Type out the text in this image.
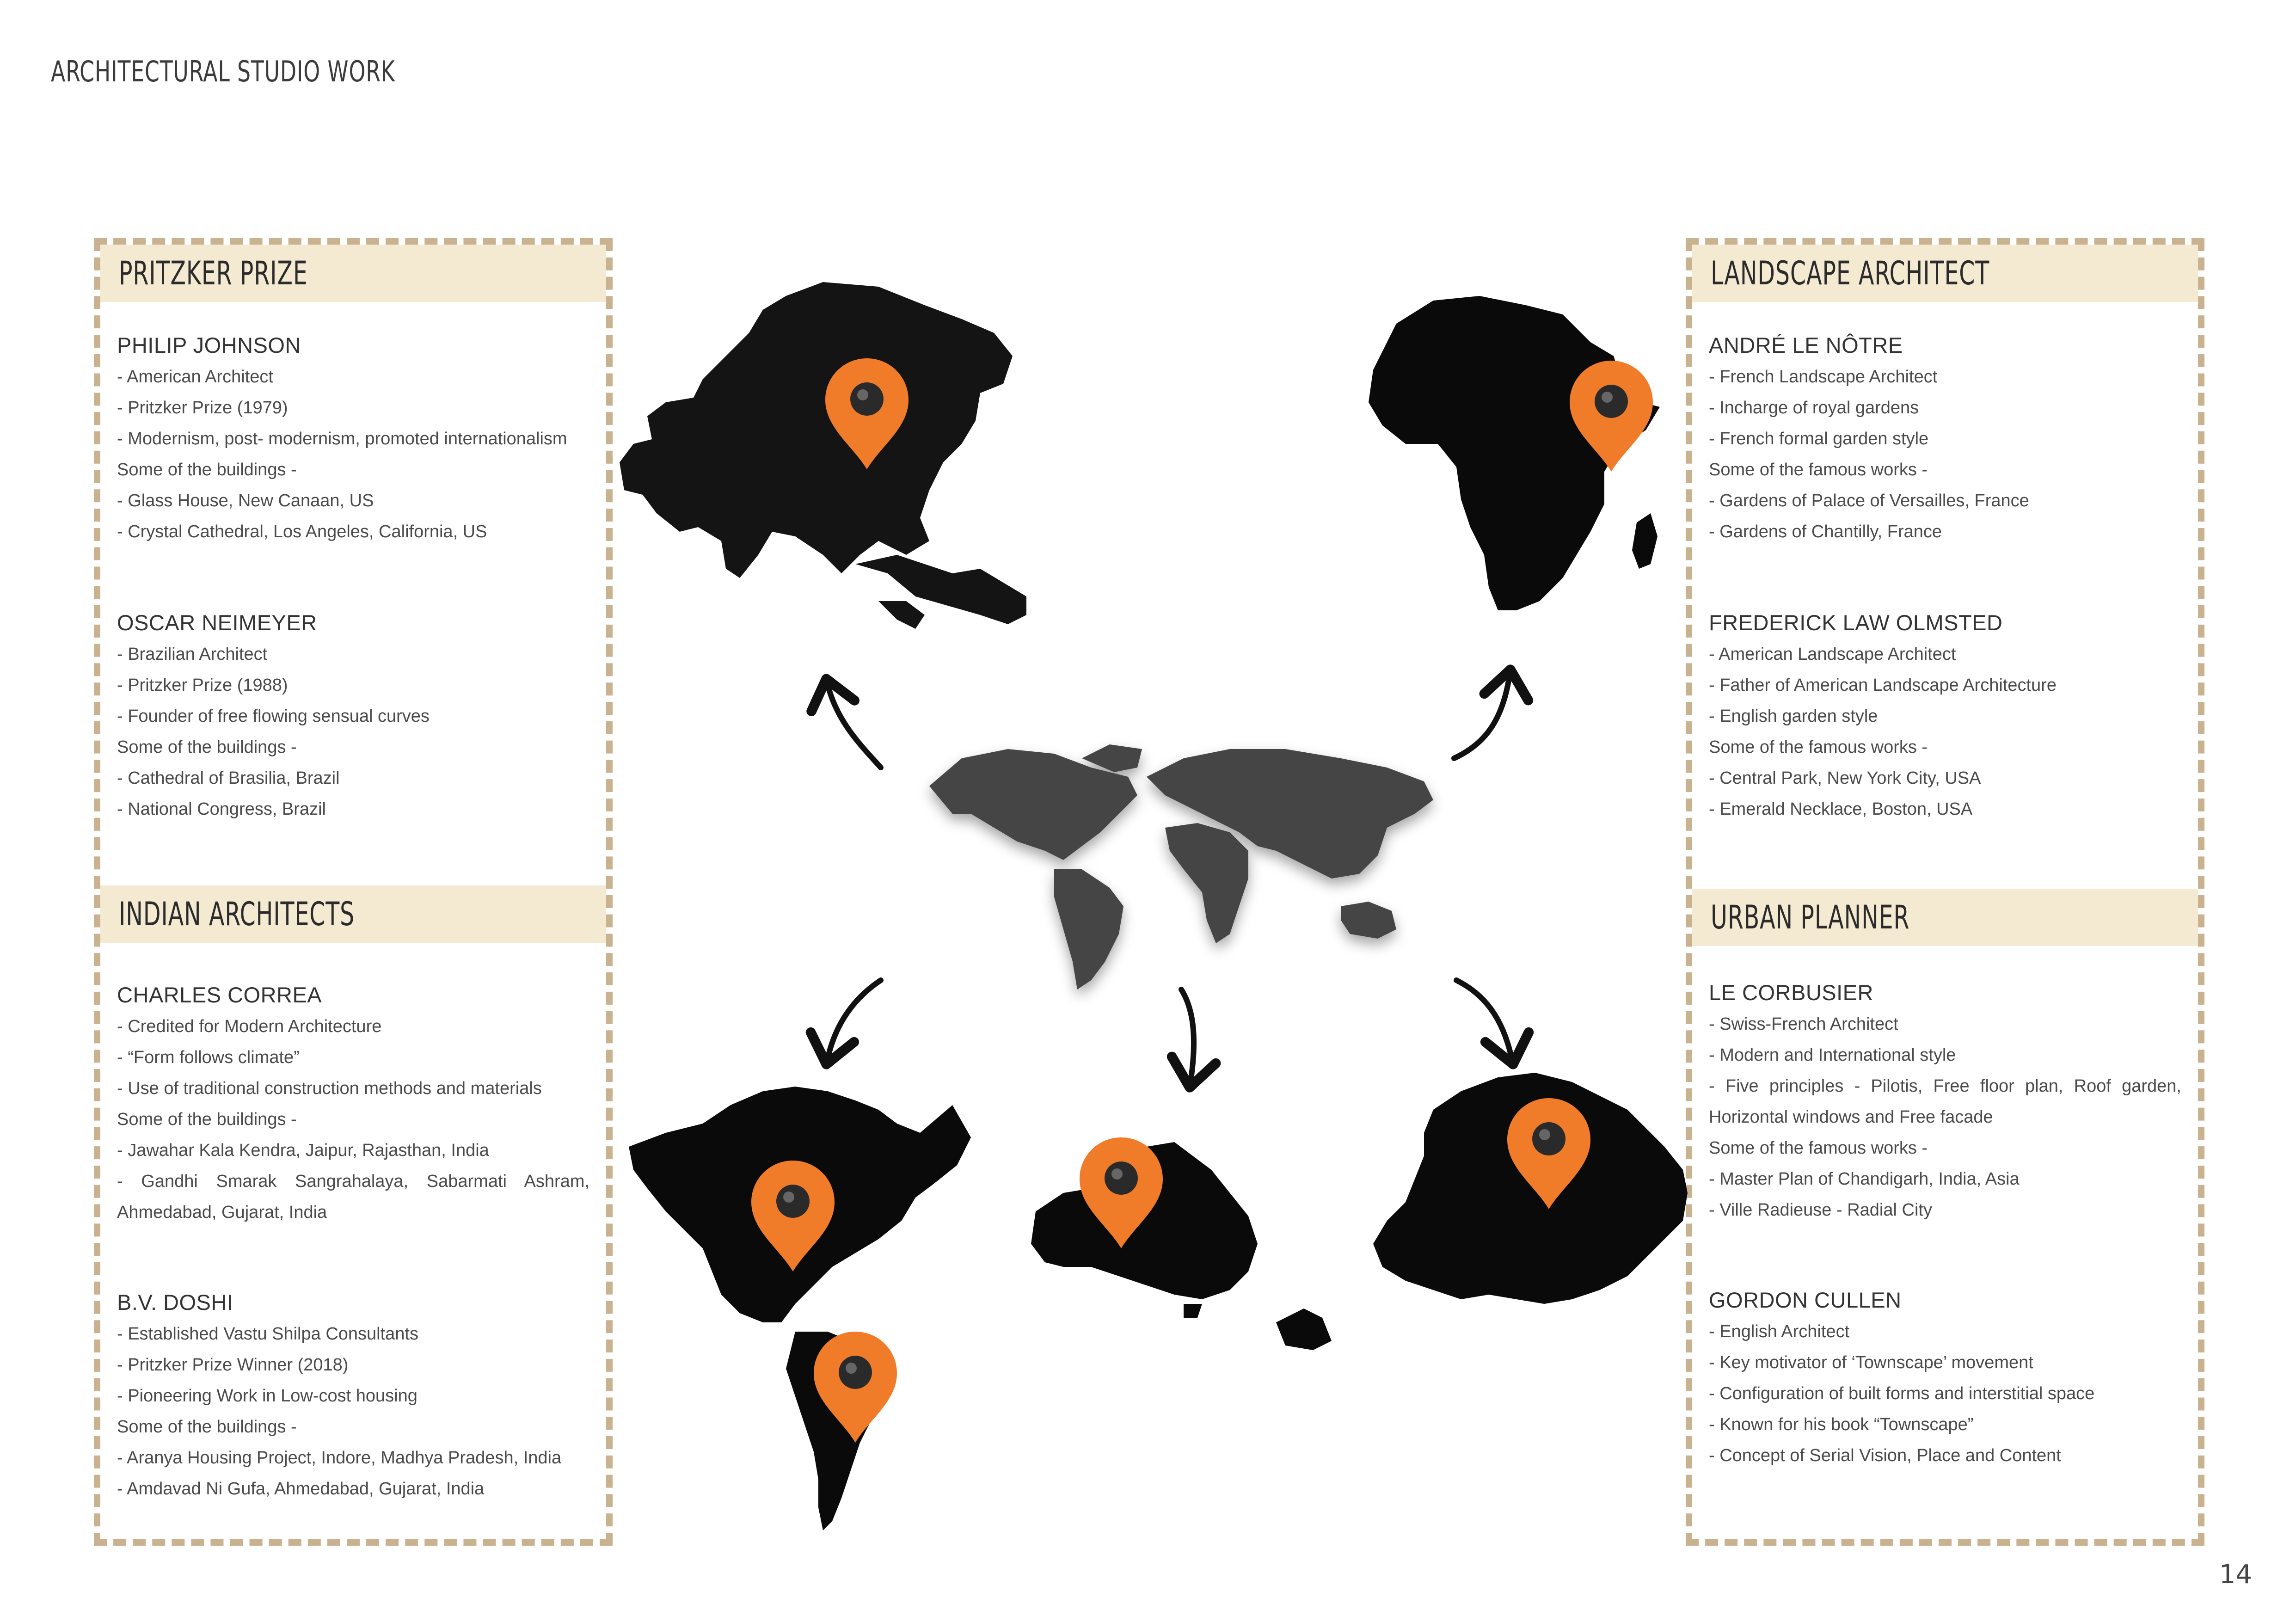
ARCHITECTURAL STUDIO WORK
PRITZKER PRIZE
PHILIP JOHNSON
- American Architect
- Pritzker Prize (1979)
- Modernism, post- modernism, promoted internationalism
Some of the buildings -
- Glass House, New Canaan, US
- Crystal Cathedral, Los Angeles, California, US
OSCAR NEIMEYER
- Brazilian Architect
- Pritzker Prize (1988)
- Founder of free flowing sensual curves
Some of the buildings -
- Cathedral of Brasilia, Brazil
- National Congress, Brazil
INDIAN ARCHITECTS
CHARLES CORREA
- Credited for Modern Architecture
- “Form follows climate”
- Use of traditional construction methods and materials
Some of the buildings -
- Jawahar Kala Kendra, Jaipur, Rajasthan, India
- Gandhi Smarak Sangrahalaya, Sabarmati Ashram, Ahmedabad, Gujarat, India
B.V. DOSHI
- Established Vastu Shilpa Consultants
- Pritzker Prize Winner (2018)
- Pioneering Work in Low-cost housing
Some of the buildings -
- Aranya Housing Project, Indore, Madhya Pradesh, India
- Amdavad Ni Gufa, Ahmedabad, Gujarat, India
LANDSCAPE ARCHITECT
ANDRÉ LE NÔTRE
- French Landscape Architect
- Incharge of royal gardens
- French formal garden style
Some of the famous works -
- Gardens of Palace of Versailles, France
- Gardens of Chantilly, France
FREDERICK LAW OLMSTED
- American Landscape Architect
- Father of American Landscape Architecture
- English garden style
Some of the famous works -
- Central Park, New York City, USA
- Emerald Necklace, Boston, USA
URBAN PLANNER
LE CORBUSIER
- Swiss-French Architect
- Modern and International style
- Five principles - Pilotis, Free floor plan, Roof garden, Horizontal windows and Free facade
Some of the famous works -
- Master Plan of Chandigarh, India, Asia
- Ville Radieuse - Radial City
GORDON CULLEN
- English Architect
- Key motivator of ‘Townscape’ movement
- Configuration of built forms and interstitial space
- Known for his book “Townscape”
- Concept of Serial Vision, Place and Content
14
